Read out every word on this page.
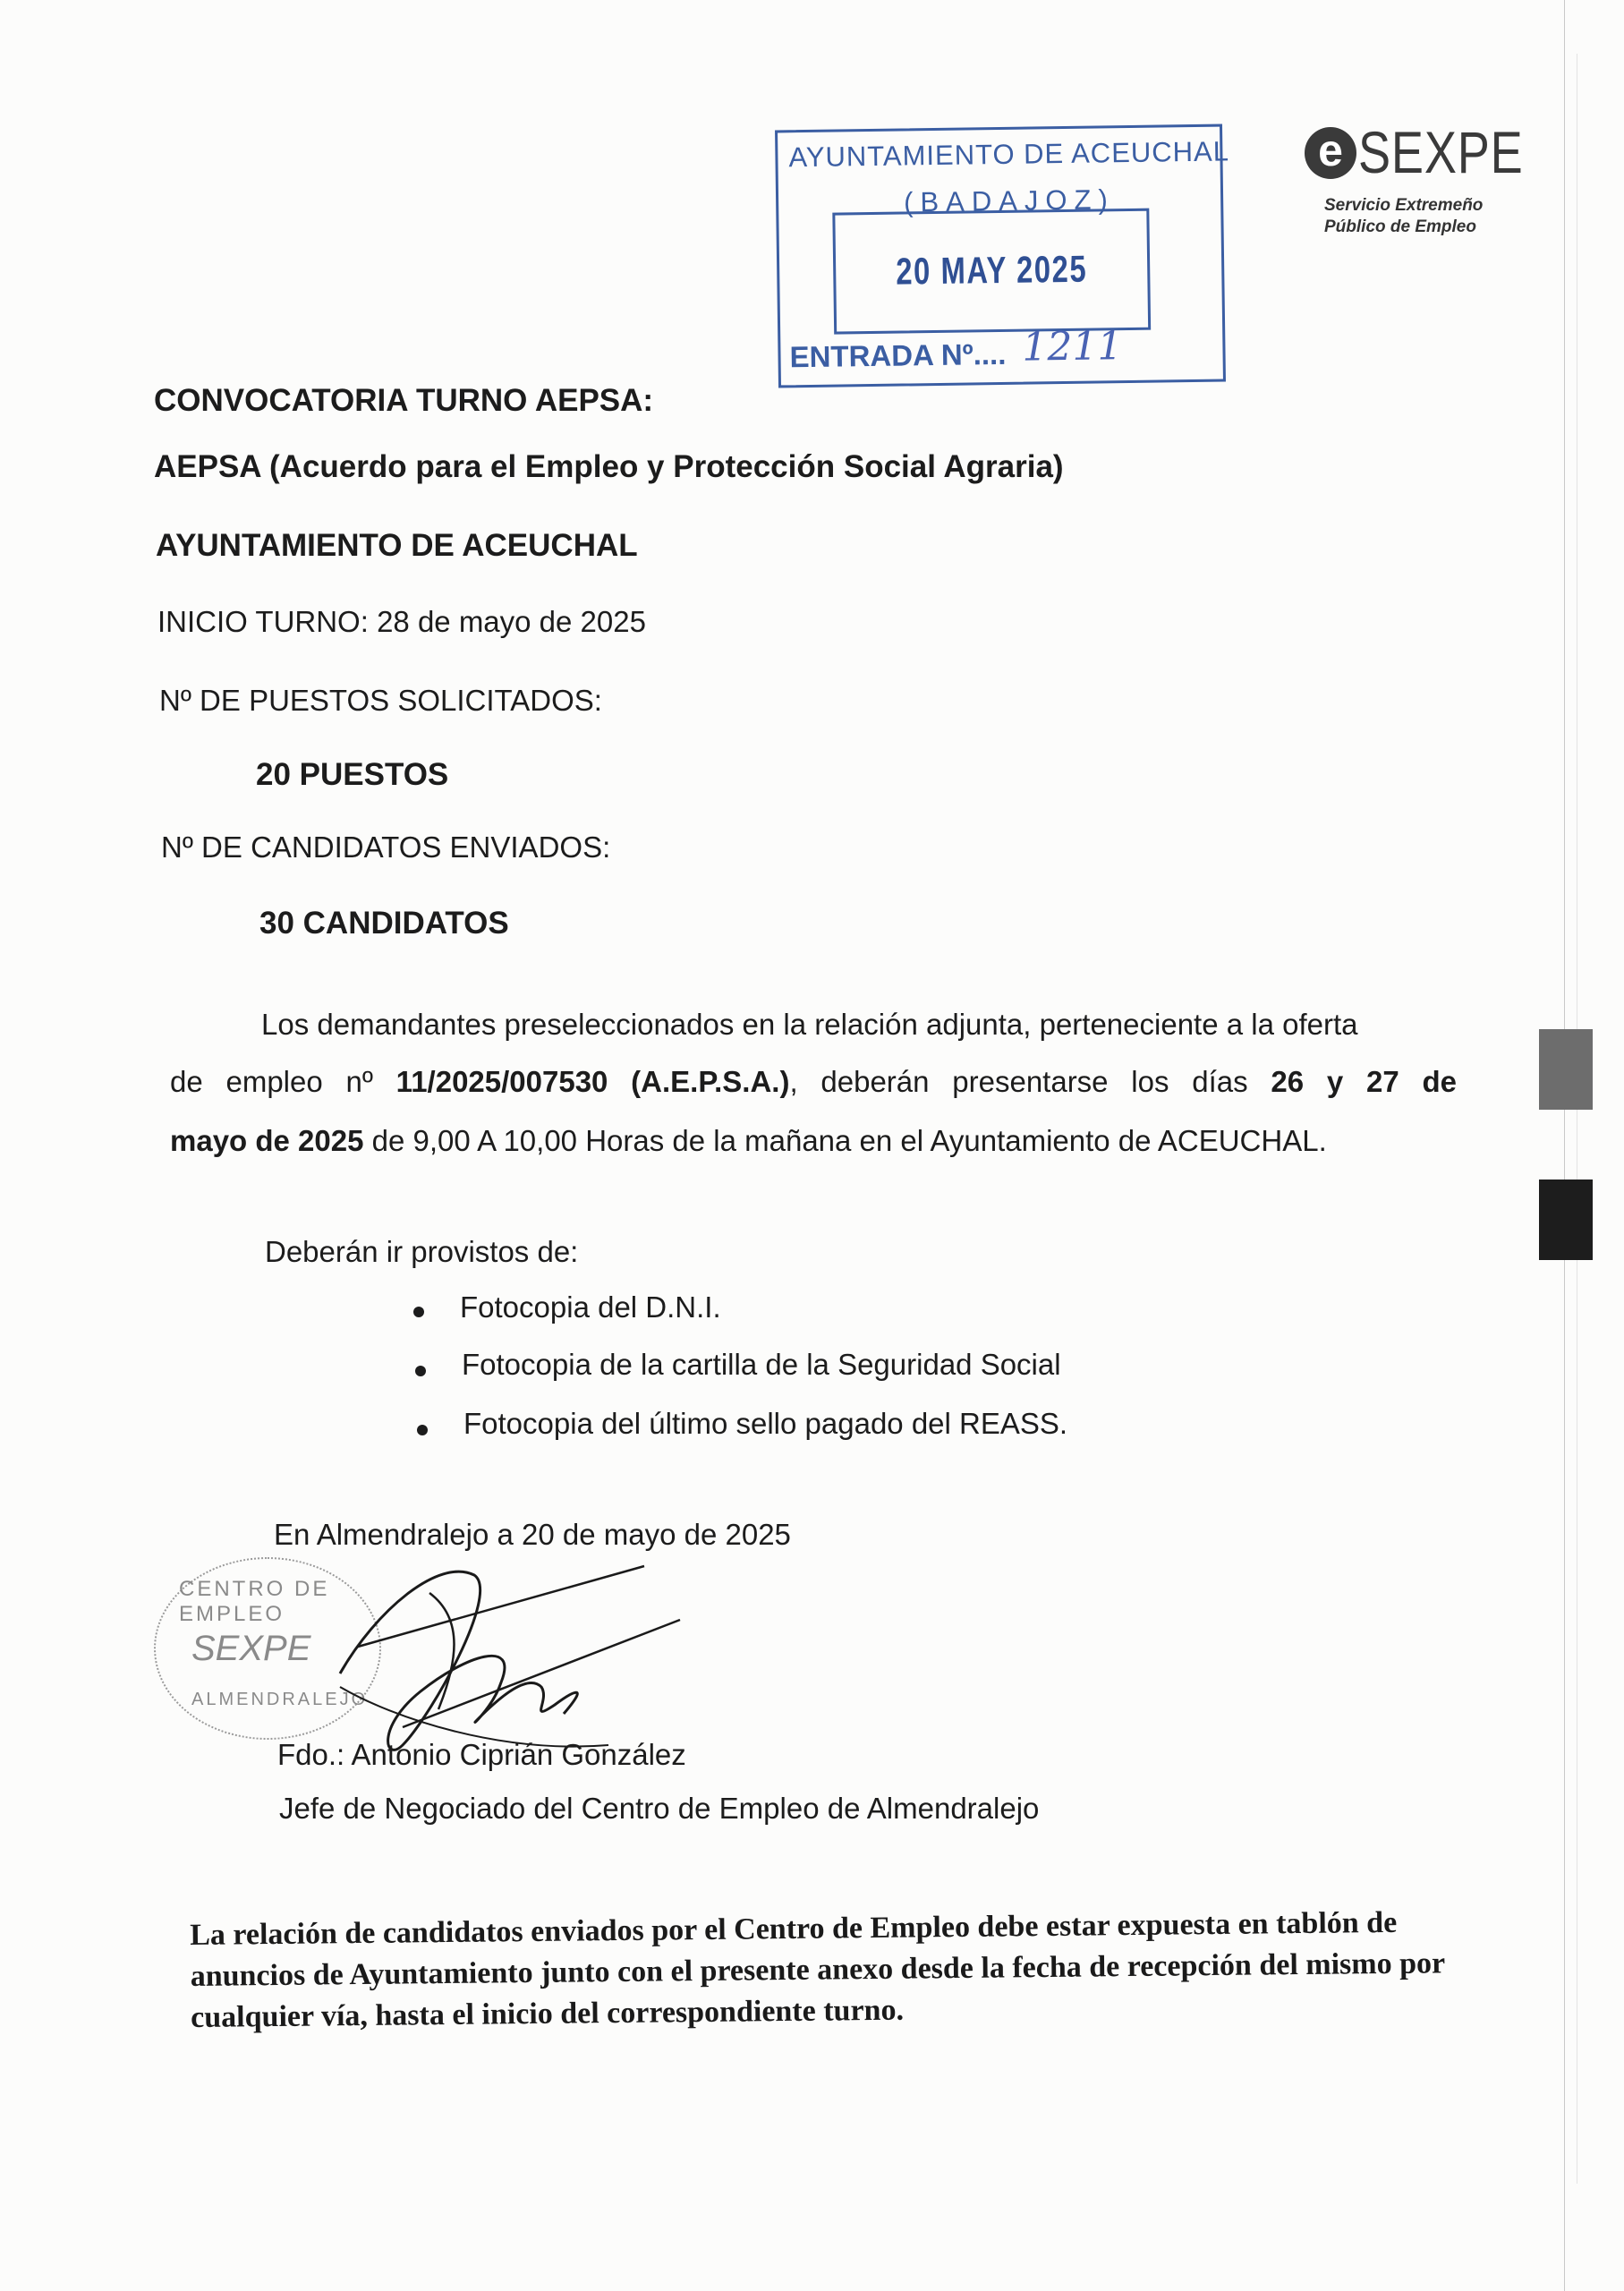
e SEXPE
Servicio Extremeño
Público de Empleo
AYUNTAMIENTO DE ACEUCHAL
(BADAJOZ)
20 MAY 2025
ENTRADA Nº.... 1211
CONVOCATORIA TURNO AEPSA:
AEPSA (Acuerdo para el Empleo y Protección Social Agraria)
AYUNTAMIENTO DE ACEUCHAL
INICIO TURNO: 28 de mayo de 2025
Nº DE PUESTOS SOLICITADOS:
20 PUESTOS
Nº DE CANDIDATOS ENVIADOS:
30 CANDIDATOS
Los demandantes preseleccionados en la relación adjunta, perteneciente a la oferta
de empleo nº 11/2025/007530 (A.E.P.S.A.), deberán presentarse los días 26 y 27 de
mayo de 2025 de 9,00 A 10,00 Horas de la mañana en el Ayuntamiento de ACEUCHAL.
Deberán ir provistos de:
Fotocopia del D.N.I.
Fotocopia de la cartilla de la Seguridad Social
Fotocopia del último sello pagado del REASS.
En Almendralejo a 20 de mayo de 2025
CENTRO DE EMPLEO
SEXPE
ALMENDRALEJO
Fdo.: Antonio Ciprián González
Jefe de Negociado del Centro de Empleo de Almendralejo
La relación de candidatos enviados por el Centro de Empleo debe estar expuesta en tablón de anuncios de Ayuntamiento junto con el presente anexo desde la fecha de recepción del mismo por cualquier vía, hasta el inicio del correspondiente turno.
